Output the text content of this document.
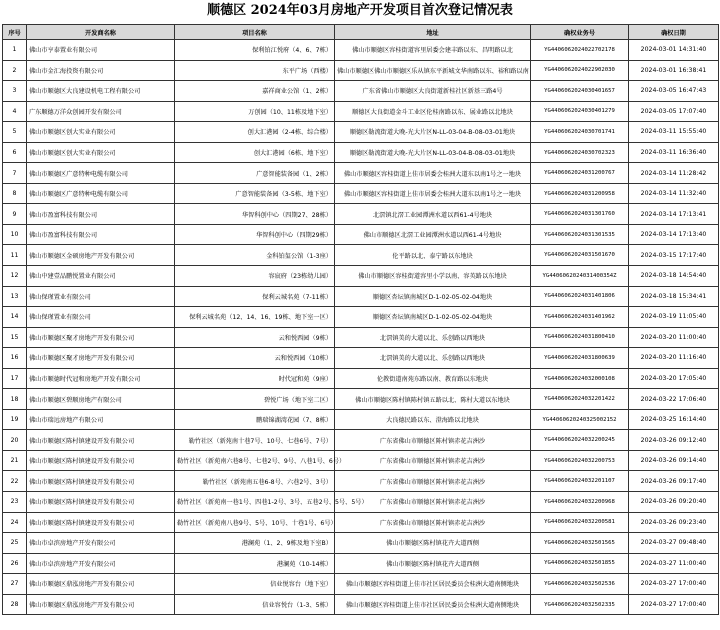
顺德区 2024年03月房地产开发项目首次登记情况表
序号	开发商名称	项目名称	地址	确权业务号	确权日期
1	佛山市亨泰置业有限公司	保利铂江悦府（4、6、7栋）	佛山市顺德区容桂街道容里居委会建丰路以东、昌明路以北	YG4406062024022702178	2024-03-01 14:31:40
2	佛山市金汇海投资有限公司	东平广场（西楼）	佛山市顺德区佛山市顺德区乐从镇东平新城文华南路以东、裕和路以南	YG4406062024022902030	2024-03-01 16:38:41
3	佛山市顺德区大良建设机电工程有限公司	嘉祥商业公馆（1、2栋）	广东省佛山市顺德区大良街道新桂社区新基三路4号	YG4406062024030401657	2024-03-05 16:47:43
4	广东顺德万洋众创园开发有限公司	万创园（10、11栋及地下室）	顺德区大良街道金斗工业区伦桂南路以东、展业路以北地块	YG4406062024030401279	2024-03-05 17:07:40
5	佛山市顺德区创大实业有限公司	创大汇港园（2-4栋、综合楼）	顺德区勒流街道大晚-光大片区N-LL-03-04-B-08-03-01地块	YG4406062024030701741	2024-03-11 15:55:40
6	佛山市顺德区创大实业有限公司	创大汇港园（6栋、地下室）	顺德区勒流街道大晚-光大片区N-LL-03-04-B-08-03-01地块	YG4406062024030702323	2024-03-11 16:36:40
7	佛山市顺德区广意特种电缆有限公司	广意智能装备园（1、2栋）	佛山市顺德区容桂街道上佳市居委会桂洲大道东以南1号之一地块	YG4406062024031200767	2024-03-14 11:28:42
8	佛山市顺德区广意特种电缆有限公司	广意智能装备园（3-5栋、地下室）	佛山市顺德区容桂街道上佳市居委会桂洲大道东以南1号之一地块	YG4406062024031200958	2024-03-14 11:32:40
9	佛山市盈富科技有限公司	华智科创中心（四期27、28栋）	北滘镇北滘工业园潭洲水道以西61-4号地块	YG4406062024031301760	2024-03-14 17:13:41
10	佛山市盈富科技有限公司	华智科创中心（四期29栋）	佛山市顺德区北滘工业园潭洲水道以西61-4号地块	YG4406062024031301535	2024-03-14 17:13:40
11	佛山市顺德区金硕房地产开发有限公司	金科铂玺公馆（1-3座）	伦平路以北、泰宁路以东地块	YG4406062024031501670	2024-03-15 17:17:40
12	佛山中建壹品鹏悦置业有限公司	容宸府（23栋幼儿园）	佛山市顺德区容桂街道容里小学以南、容英路以东地块	YG4406062024031400354Z	2024-03-18 14:54:40
13	佛山保瑾置业有限公司	保利云城名苑（7-11栋）	顺德区杏坛镇南城区D-1-02-05-02-04地块	YG4406062024031401806	2024-03-18 15:34:41
14	佛山保瑾置业有限公司	保利云城名苑（12、14、16、19栋、地下室一区）	顺德区杏坛镇南城区D-1-02-05-02-04地块	YG4406062024031401962	2024-03-19 11:05:40
15	佛山市顺德区聚才房地产开发有限公司	云和悦西园（9栋）	北滘镇美的大道以北、乐创路以西地块	YG4406062024031800410	2024-03-20 11:00:40
16	佛山市顺德区聚才房地产开发有限公司	云和悦西园（10栋）	北滘镇美的大道以北、乐创路以西地块	YG4406062024031800639	2024-03-20 11:16:40
17	佛山市顺德时代冠和房地产开发有限公司	时代冠和苑（9座）	伦教街道南苑东路以南、教育路以东地块	YG4406062024032000108	2024-03-20 17:05:40
18	佛山市顺德区碧顺房地产有限公司	碧悦广场（地下室二区）	佛山市顺德区陈村镇陈村镇五路以北、陈村大道以东地块	YG4406062024032201422	2024-03-22 17:06:40
19	佛山市瑞远房地产有限公司	鹏瑞锦湖湾花园（7、8栋）	大良德民路以东、澄海路以北地块	YG44060620240325002152	2024-03-25 16:14:40
20	佛山市顺德区陈村镇建设开发有限公司	勒竹社区（新苑南十巷7号、10号、七巷6号、7号）	广东省佛山市顺德区陈村镇赤花吉洲沙	YG4406062024032200245	2024-03-26 09:12:40
21	佛山市顺德区陈村镇建设开发有限公司	勒竹社区（新苑南六巷8号、七巷2号、9号、八巷1号、6号）	广东省佛山市顺德区陈村镇赤花吉洲沙	YG4406062024032200753	2024-03-26 09:14:40
22	佛山市顺德区陈村镇建设开发有限公司	勒竹社区（新苑南五巷6-8号、六巷2号、3号）	广东省佛山市顺德区陈村镇赤花吉洲沙	YG4406062024032201107	2024-03-26 09:17:40
23	佛山市顺德区陈村镇建设开发有限公司	勒竹社区（新苑南一巷1号、四巷1-2号、3号、五巷2号、5号、5号）	广东省佛山市顺德区陈村镇赤花吉洲沙	YG4406062024032200968	2024-03-26 09:20:40
24	佛山市顺德区陈村镇建设开发有限公司	勒竹社区（新苑南八巷9号、5号、10号、十巷1号、6号）	广东省佛山市顺德区陈村镇赤花吉洲沙	YG4406062024032200581	2024-03-26 09:23:40
25	佛山市卓滨房地产开发有限公司	港澜苑（1、2、9栋及地下室B）	佛山市顺德区陈村镇花卉大道西侧	YG4406062024032501565	2024-03-27 09:48:40
26	佛山市卓滨房地产开发有限公司	港澜苑（10-14栋）	佛山市顺德区陈村镇花卉大道西侧	YG4406062024032501855	2024-03-27 11:00:40
27	佛山市顺德区鼎泓房地产开发有限公司	信业悦容台（地下室）	佛山市顺德区容桂街道上佳市社区居民委员会桂洲大道南侧地块	YG4406062024032502536	2024-03-27 17:00:40
28	佛山市顺德区鼎泓房地产开发有限公司	信业容悦台（1-3、5栋）	佛山市顺德区容桂街道上佳市社区居民委员会桂洲大道南侧地块	YG4406062024032502335	2024-03-27 17:00:40
